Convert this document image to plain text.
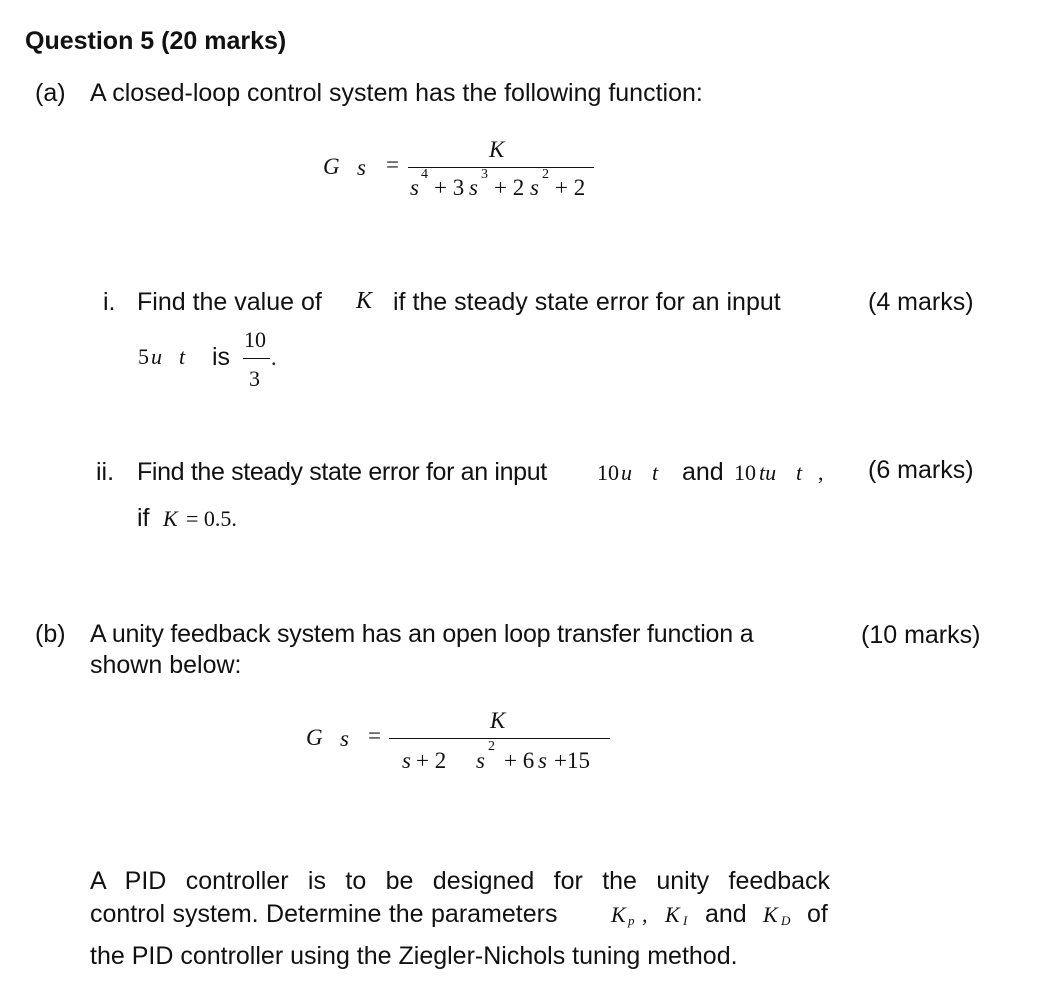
Question 5 (20 marks)
(a) A closed-loop control system has the following function:
G s =
K
s
4
+ 3 s
3
+ 2 s
2
+ 2
i. Find the value of K if the steady state error for an input	(4 marks)
5 u t is
10
3
.
ii. Find the steady state error for an input 10 u t and 10 tu t , (6 marks)
if K = 0.5.
(b) A unity feedback system has an open loop transfer function a
shown below:
(10 marks)
G s =
K
s + 2 s
2
+ 6 s +15
A PID controller is to be designed for the unity feedback
control system. Determine the parameters K p , K I and K D of
the PID controller using the Ziegler-Nichols tuning method.
